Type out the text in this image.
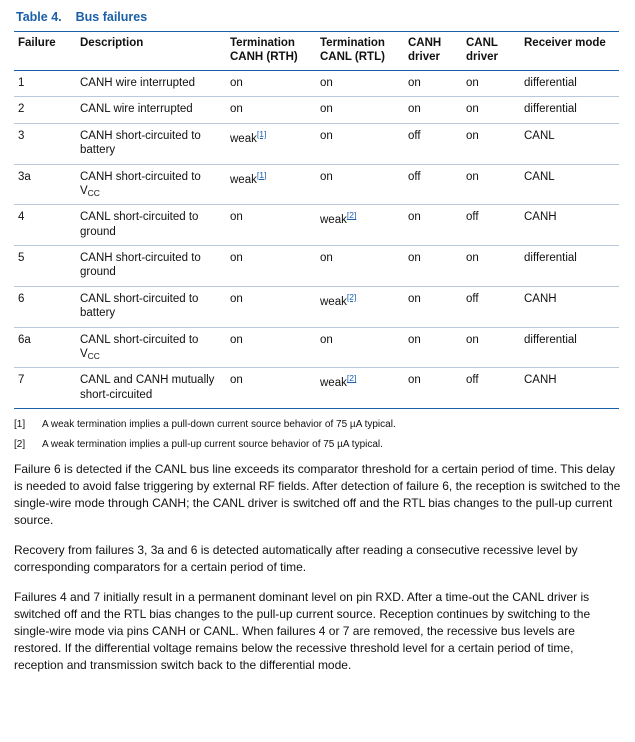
Table 4. Bus failures
Failure	Description	Termination CANH (RTH)	Termination CANL (RTL)	CANH driver	CANL driver	Receiver mode
1	CANH wire interrupted	on	on	on	on	differential
2	CANL wire interrupted	on	on	on	on	differential
3	CANH short-circuited to battery	weak[1]	on	off	on	CANL
3a	CANH short-circuited to $V_{CC}$	weak[1]	on	off	on	CANL
4	CANL short-circuited to ground	on	weak[2]	on	off	CANH
5	CANH short-circuited to ground	on	on	on	on	differential
6	CANL short-circuited to battery	on	weak[2]	on	off	CANH
6a	CANL short-circuited to $V_{CC}$	on	on	on	on	differential
7	CANL and CANH mutually short-circuited	on	weak[2]	on	off	CANH
[1]	A weak termination implies a pull-down current source behavior of 75 µA typical.
[2]	A weak termination implies a pull-up current source behavior of 75 µA typical.

Failure 6 is detected if the CANL bus line exceeds its comparator threshold for a certain period of time. This delay is needed to avoid false triggering by external RF fields. After detection of failure 6, the reception is switched to the single-wire mode through CANH; the CANL driver is switched off and the RTL bias changes to the pull-up current source.

Recovery from failures 3, 3a and 6 is detected automatically after reading a consecutive recessive level by corresponding comparators for a certain period of time.

Failures 4 and 7 initially result in a permanent dominant level on pin RXD. After a time-out the CANL driver is switched off and the RTL bias changes to the pull-up current source. Reception continues by switching to the single-wire mode via pins CANH or CANL. When failures 4 or 7 are removed, the recessive bus levels are restored. If the differential voltage remains below the recessive threshold level for a certain period of time, reception and transmission switch back to the differential mode.
